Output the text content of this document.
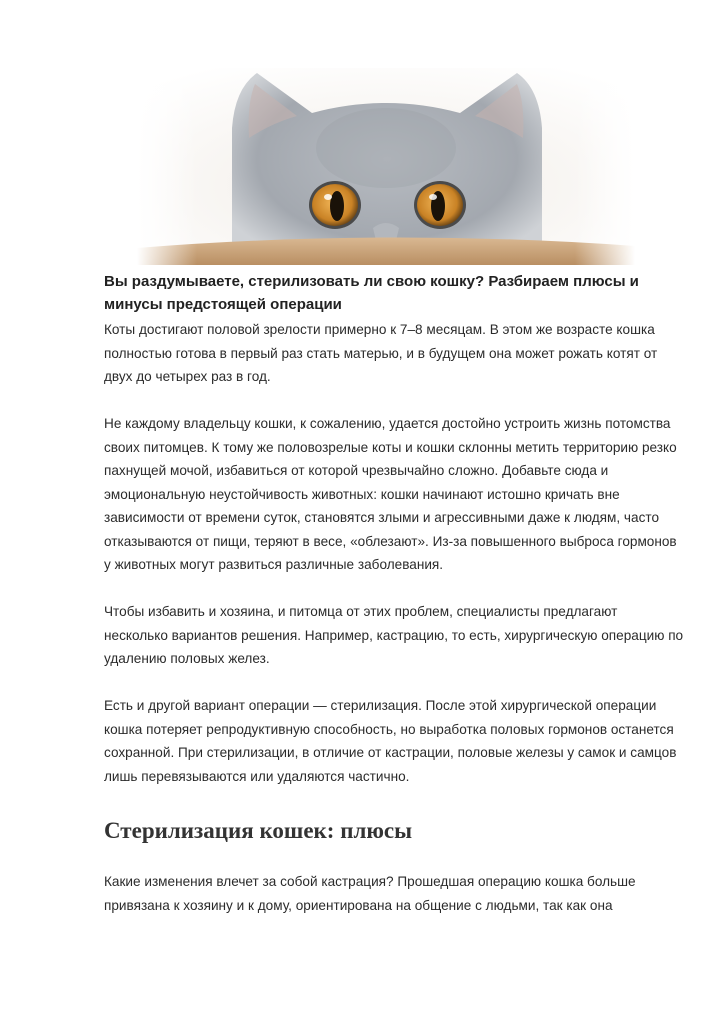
Вы раздумываете, стерилизовать ли свою кошку? Разбираем плюсы и минусы предстоящей операции

Коты достигают половой зрелости примерно к 7–8 месяцам. В этом же возрасте кошка полностью готова в первый раз стать матерью, и в будущем она может рожать котят от двух до четырех раз в год.

Не каждому владельцу кошки, к сожалению, удается достойно устроить жизнь потомства своих питомцев. К тому же половозрелые коты и кошки склонны метить территорию резко пахнущей мочой, избавиться от которой чрезвычайно сложно. Добавьте сюда и эмоциональную неустойчивость животных: кошки начинают истошно кричать вне зависимости от времени суток, становятся злыми и агрессивными даже к людям, часто отказываются от пищи, теряют в весе, «облезают». Из-за повышенного выброса гормонов у животных могут развиться различные заболевания.

Чтобы избавить и хозяина, и питомца от этих проблем, специалисты предлагают несколько вариантов решения. Например, кастрацию, то есть, хирургическую операцию по удалению половых желез.

Есть и другой вариант операции — стерилизация. После этой хирургической операции кошка потеряет репродуктивную способность, но выработка половых гормонов останется сохранной. При стерилизации, в отличие от кастрации, половые железы у самок и самцов лишь перевязываются или удаляются частично.

Стерилизация кошек: плюсы

Какие изменения влечет за собой кастрация? Прошедшая операцию кошка больше привязана к хозяину и к дому, ориентирована на общение с людьми, так как она
